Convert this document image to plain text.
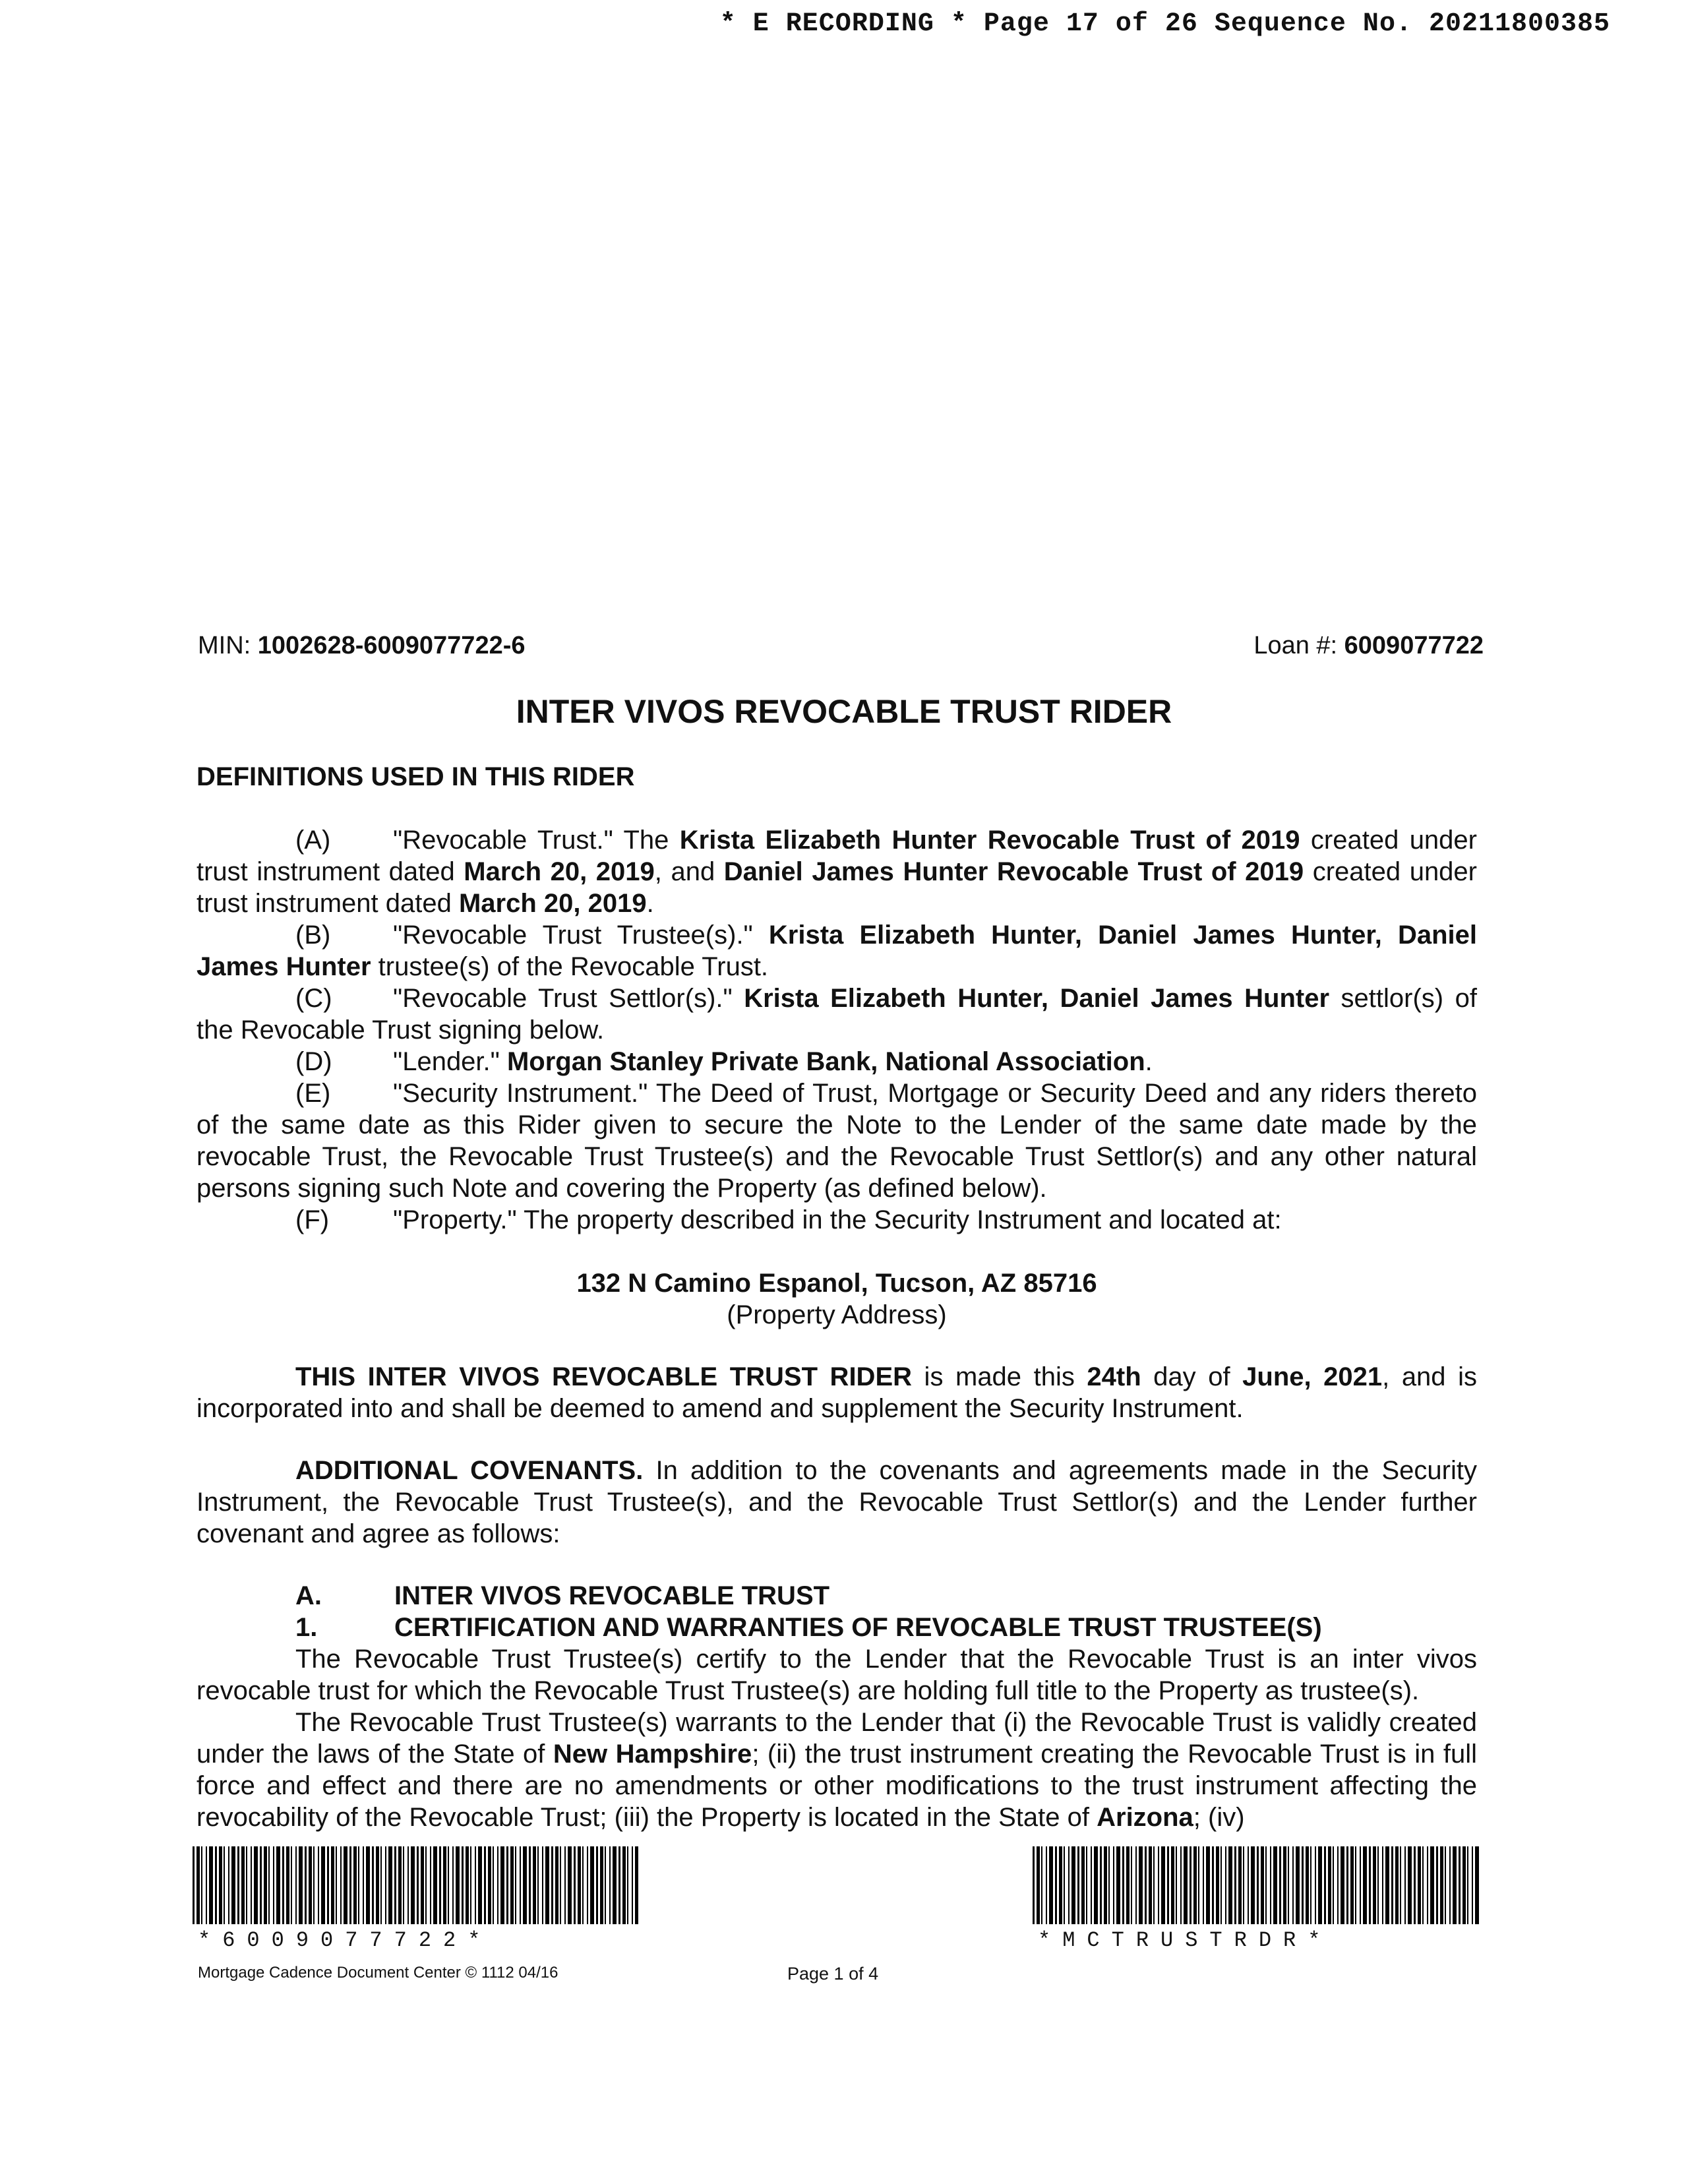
* E RECORDING * Page 17 of 26 Sequence No. 20211800385
MIN: 1002628-6009077722-6	Loan #: 6009077722
INTER VIVOS REVOCABLE TRUST RIDER

DEFINITIONS USED IN THIS RIDER

(A) "Revocable Trust." The Krista Elizabeth Hunter Revocable Trust of 2019 created under trust instrument dated March 20, 2019, and Daniel James Hunter Revocable Trust of 2019 created under trust instrument dated March 20, 2019.

(B) "Revocable Trust Trustee(s)." Krista Elizabeth Hunter, Daniel James Hunter, Daniel James Hunter trustee(s) of the Revocable Trust.

(C) "Revocable Trust Settlor(s)." Krista Elizabeth Hunter, Daniel James Hunter settlor(s) of the Revocable Trust signing below.

(D) "Lender." Morgan Stanley Private Bank, National Association.

(E) "Security Instrument." The Deed of Trust, Mortgage or Security Deed and any riders thereto of the same date as this Rider given to secure the Note to the Lender of the same date made by the revocable Trust, the Revocable Trust Trustee(s) and the Revocable Trust Settlor(s) and any other natural persons signing such Note and covering the Property (as defined below).

(F) "Property." The property described in the Security Instrument and located at:

132 N Camino Espanol, Tucson, AZ 85716

(Property Address)

THIS INTER VIVOS REVOCABLE TRUST RIDER is made this 24th day of June, 2021, and is incorporated into and shall be deemed to amend and supplement the Security Instrument.

ADDITIONAL COVENANTS. In addition to the covenants and agreements made in the Security Instrument, the Revocable Trust Trustee(s), and the Revocable Trust Settlor(s) and the Lender further covenant and agree as follows:

A.	INTER VIVOS REVOCABLE TRUST

1.	CERTIFICATION AND WARRANTIES OF REVOCABLE TRUST TRUSTEE(S)

The Revocable Trust Trustee(s) certify to the Lender that the Revocable Trust is an inter vivos revocable trust for which the Revocable Trust Trustee(s) are holding full title to the Property as trustee(s).

The Revocable Trust Trustee(s) warrants to the Lender that (i) the Revocable Trust is validly created under the laws of the State of New Hampshire; (ii) the trust instrument creating the Revocable Trust is in full force and effect and there are no amendments or other modifications to the trust instrument affecting the revocability of the Revocable Trust; (iii) the Property is located in the State of Arizona; (iv)

*6009077722*	*MCTRUSTRDR*
Mortgage Cadence Document Center © 1112 04/16	Page 1 of 4
